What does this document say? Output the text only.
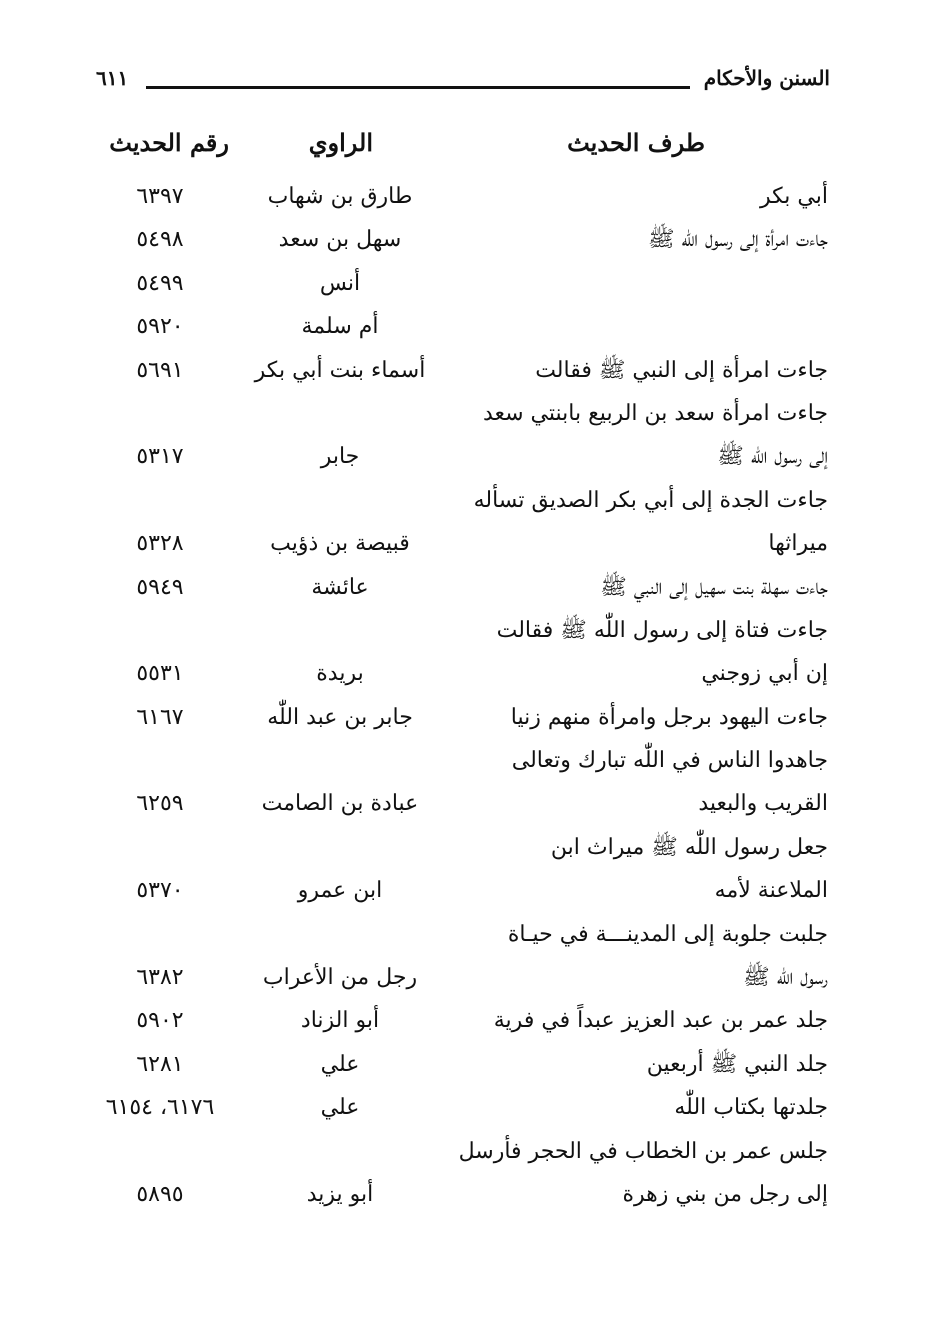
السنن والأحكام
٦١١
طرف الحديث
الراوي
رقم الحديث
أبي بكر
طارق بن شهاب
٦٣٩٧
جاءت امرأة إلى رسول اللّٰه ﷺ
سهل بن سعد
٥٤٩٨
أنس
٥٤٩٩
أم سلمة
٥٩٢٠
جاءت امرأة إلى النبي ﷺ فقالت
أسماء بنت أبي بكر
٥٦٩١
جاءت امرأة سعد بن الربيع بابنتي سعد
إلى رسول اللّٰه ﷺ
جابر
٥٣١٧
جاءت الجدة إلى أبي بكر الصديق تسأله
ميراثها
قبيصة بن ذؤيب
٥٣٢٨
جاءت سهلة بنت سهيل إلى النبي ﷺ
عائشة
٥٩٤٩
جاءت فتاة إلى رسول اللّٰه ﷺ فقالت
إن أبي زوجني
بريدة
٥٥٣١
جاءت اليهود برجل وامرأة منهم زنيا
جابر بن عبد اللّٰه
٦١٦٧
جاهدوا الناس في اللّٰه تبارك وتعالى
القريب والبعيد
عبادة بن الصامت
٦٢٥٩
جعل رسول اللّٰه ﷺ ميراث ابن
الملاعنة لأمه
ابن عمرو
٥٣٧٠
جلبت جلوبة إلى المدينـــة في حيـاة
رسول اللّٰه ﷺ
رجل من الأعراب
٦٣٨٢
جلد عمر بن عبد العزيز عبداً في فرية
أبو الزناد
٥٩٠٢
جلد النبي ﷺ أربعين
علي
٦٢٨١
جلدتها بكتاب اللّٰه
علي
٦١٧٦، ٦١٥٤
جلس عمر بن الخطاب في الحجر فأرسل
إلى رجل من بني زهرة
أبو يزيد
٥٨٩٥
